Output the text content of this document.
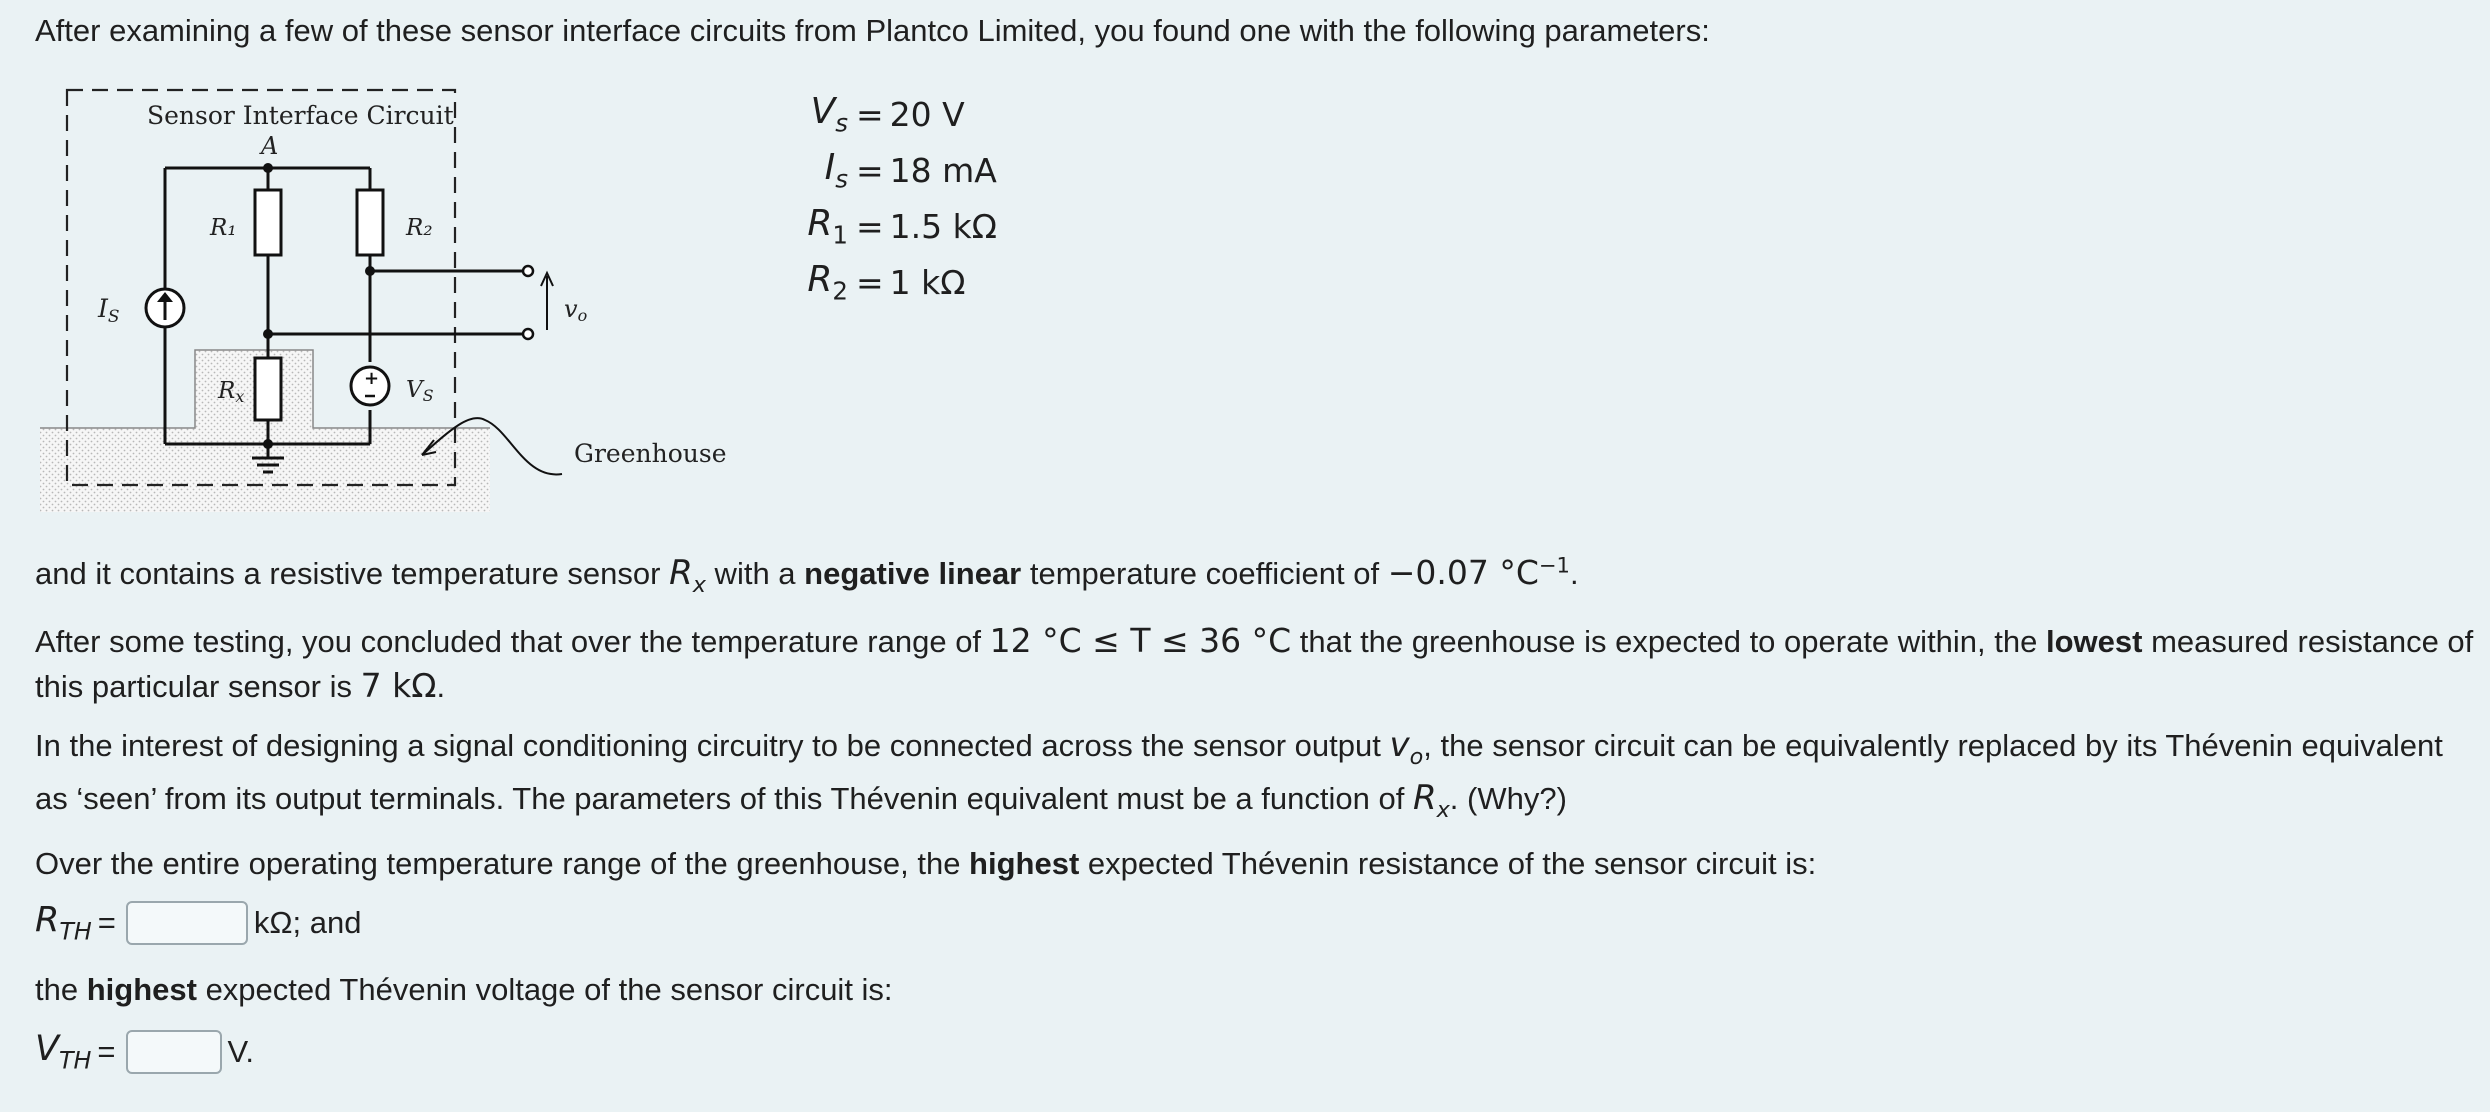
After examining a few of these sensor interface circuits from Plantco Limited, you found one with the following parameters:

Sensor Interface Circuit
A
+
R₁	R₂
$I_S$
Rx	VS
vo
Greenhouse
$V_s = 20$ V
$I_s = 18$ mA
$R_1 = 1.5$ kΩ
$R_2 = 1$ kΩ

and it contains a resistive temperature sensor $R_x$ with a negative linear temperature coefficient of −0.07 $^\circ C^{-1}$.

After some testing, you concluded that over the temperature range of 12 °C ≤ T ≤ 36 °C that the greenhouse is expected to operate within, the lowest measured resistance of

this particular sensor is 7 kΩ.

In the interest of designing a signal conditioning circuitry to be connected across the sensor output $v_o$, the sensor circuit can be equivalently replaced by its Thévenin equivalent

as ‘seen’ from its output terminals. The parameters of this Thévenin equivalent must be a function of $R_x$. (Why?)

Over the entire operating temperature range of the greenhouse, the highest expected Thévenin resistance of the sensor circuit is:

$R_{TH}$ =	kΩ; and

the highest expected Thévenin voltage of the sensor circuit is:

$V_{TH}$ =	V.
